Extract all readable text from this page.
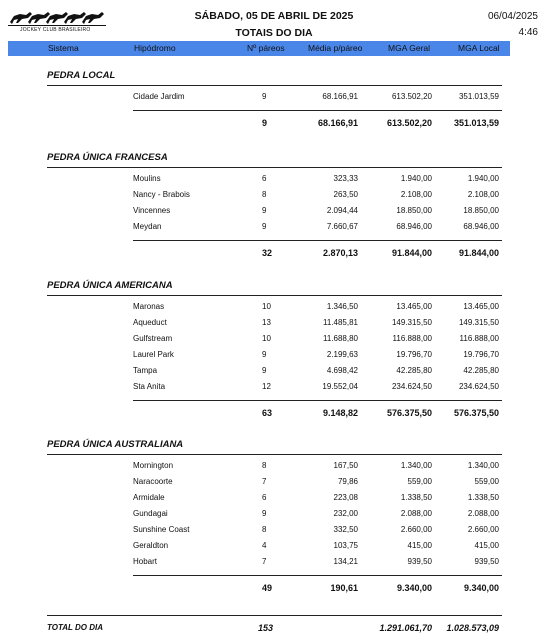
JOCKEY CLUB BRASILEIRO
SÁBADO, 05 DE ABRIL DE 2025
TOTAIS DO DIA
06/04/2025
4:46
Sistema	Hipódromo	Nº páreos	Média p/páreo	MGA Geral	MGA Local
PEDRA LOCAL
Cidade Jardim	9	68.166,91	613.502,20	351.013,59
9	68.166,91	613.502,20 351.013,59
PEDRA ÚNICA FRANCESA
Moulins	6	323,33	1.940,00	1.940,00
Nancy - Brabois	8	263,50	2.108,00	2.108,00
Vincennes	9	2.094,44	18.850,00	18.850,00
Meydan	9	7.660,67	68.946,00	68.946,00
32	2.870,13	91.844,00	91.844,00
PEDRA ÚNICA AMERICANA
Maronas	10	1.346,50	13.465,00	13.465,00
Aqueduct	13	11.485,81	149.315,50	149.315,50
Gulfstream	10	11.688,80	116.888,00	116.888,00
Laurel Park	9	2.199,63	19.796,70	19.796,70
Tampa	9	4.698,42	42.285,80	42.285,80
Sta Anita	12	19.552,04	234.624,50	234.624,50
63	9.148,82	576.375,50 576.375,50
PEDRA ÚNICA AUSTRALIANA
Mornington	8	167,50	1.340,00	1.340,00
Naracoorte	7	79,86	559,00	559,00
Armidale	6	223,08	1.338,50	1.338,50
Gundagai	9	232,00	2.088,00	2.088,00
Sunshine Coast	8	332,50	2.660,00	2.660,00
Geraldton	4	103,75	415,00	415,00
Hobart	7	134,21	939,50	939,50
49	190,61	9.340,00	9.340,00
TOTAL DO DIA	153	1.291.061,70 1.028.573,09
